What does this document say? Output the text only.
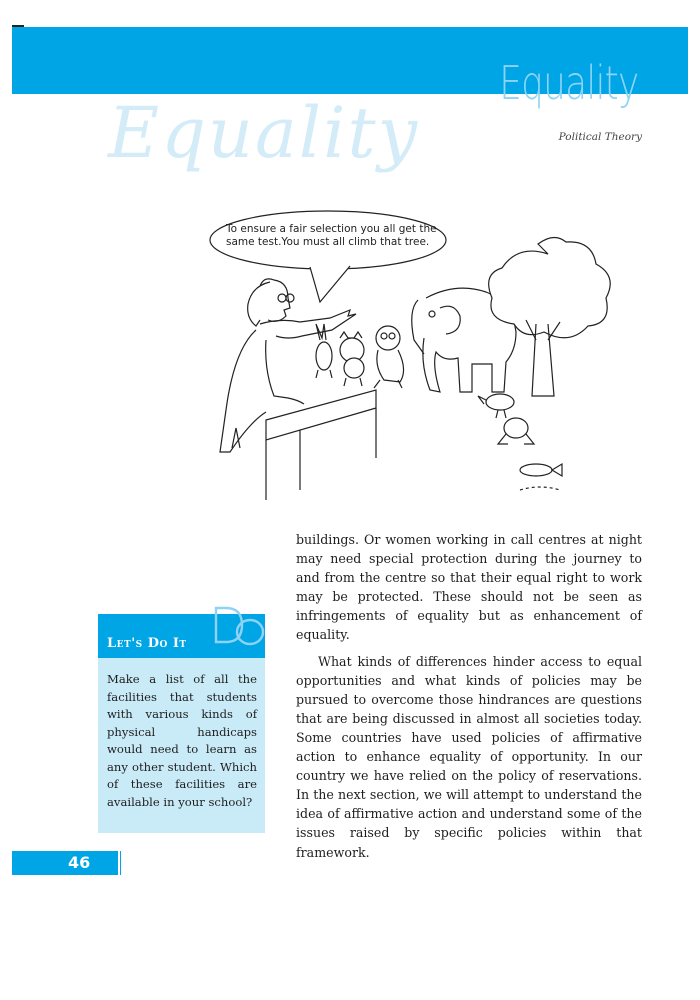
Equality
Political Theory
Equality
To ensure a fair selection you all get the same test.You must all climb that tree.

buildings. Or women working in call centres at night may need special protection during the journey to and from the centre so that their equal right to work may be protected. These should not be seen as infringements of equality but as enhancement of equality.

What kinds of differences hinder access to equal opportunities and what kinds of policies may be pursued to overcome those hindrances are questions that are being discussed in almost all societies today. Some countries have used policies of affirmative action to enhance equality of opportunity. In our country we have relied on the policy of reservations. In the next section, we will attempt to understand the idea of affirmative action and understand some of the issues raised by specific policies within that framework.

Let's Do It
Make a list of all the facilities that students with various kinds of physical handicaps would need to learn as any other student. Which of these facilities are available in your school?
46
